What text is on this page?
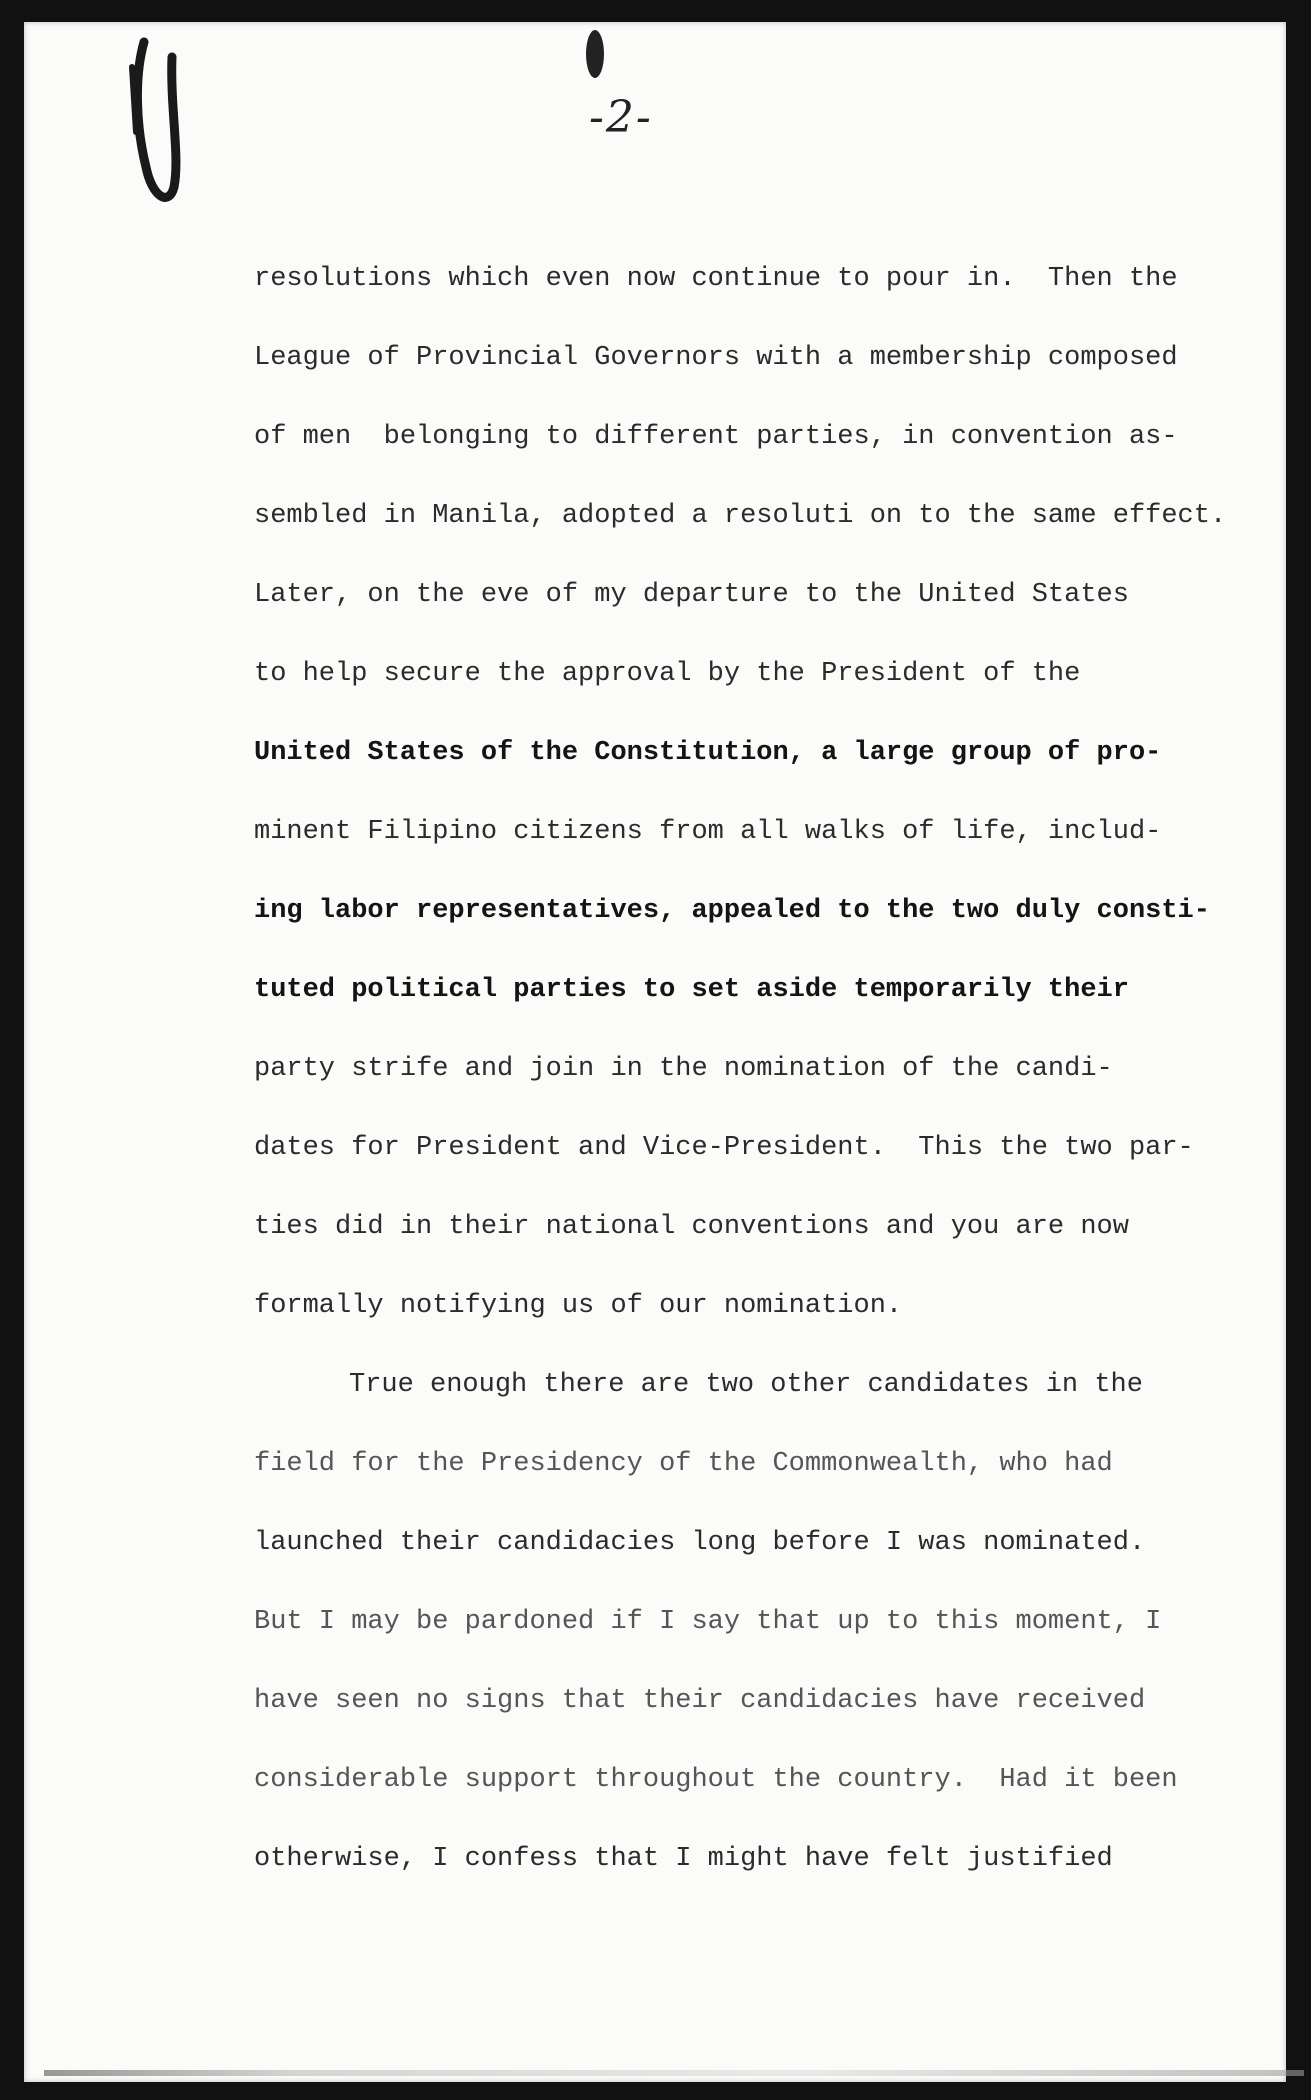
-2-
resolutions which even now continue to pour in.  Then the
League of Provincial Governors with a membership composed
of men  belonging to different parties, in convention as-
sembled in Manila, adopted a resoluti on to the same effect.
Later, on the eve of my departure to the United States
to help secure the approval by the President of the
United States of the Constitution, a large group of pro-
minent Filipino citizens from all walks of life, includ-
ing labor representatives, appealed to the two duly consti-
tuted political parties to set aside temporarily their
party strife and join in the nomination of the candi-
dates for President and Vice-President.  This the two par-
ties did in their national conventions and you are now
formally notifying us of our nomination.
True enough there are two other candidates in the
field for the Presidency of the Commonwealth, who had
launched their candidacies long before I was nominated.
But I may be pardoned if I say that up to this moment, I
have seen no signs that their candidacies have received
considerable support throughout the country.  Had it been
otherwise, I confess that I might have felt justified
